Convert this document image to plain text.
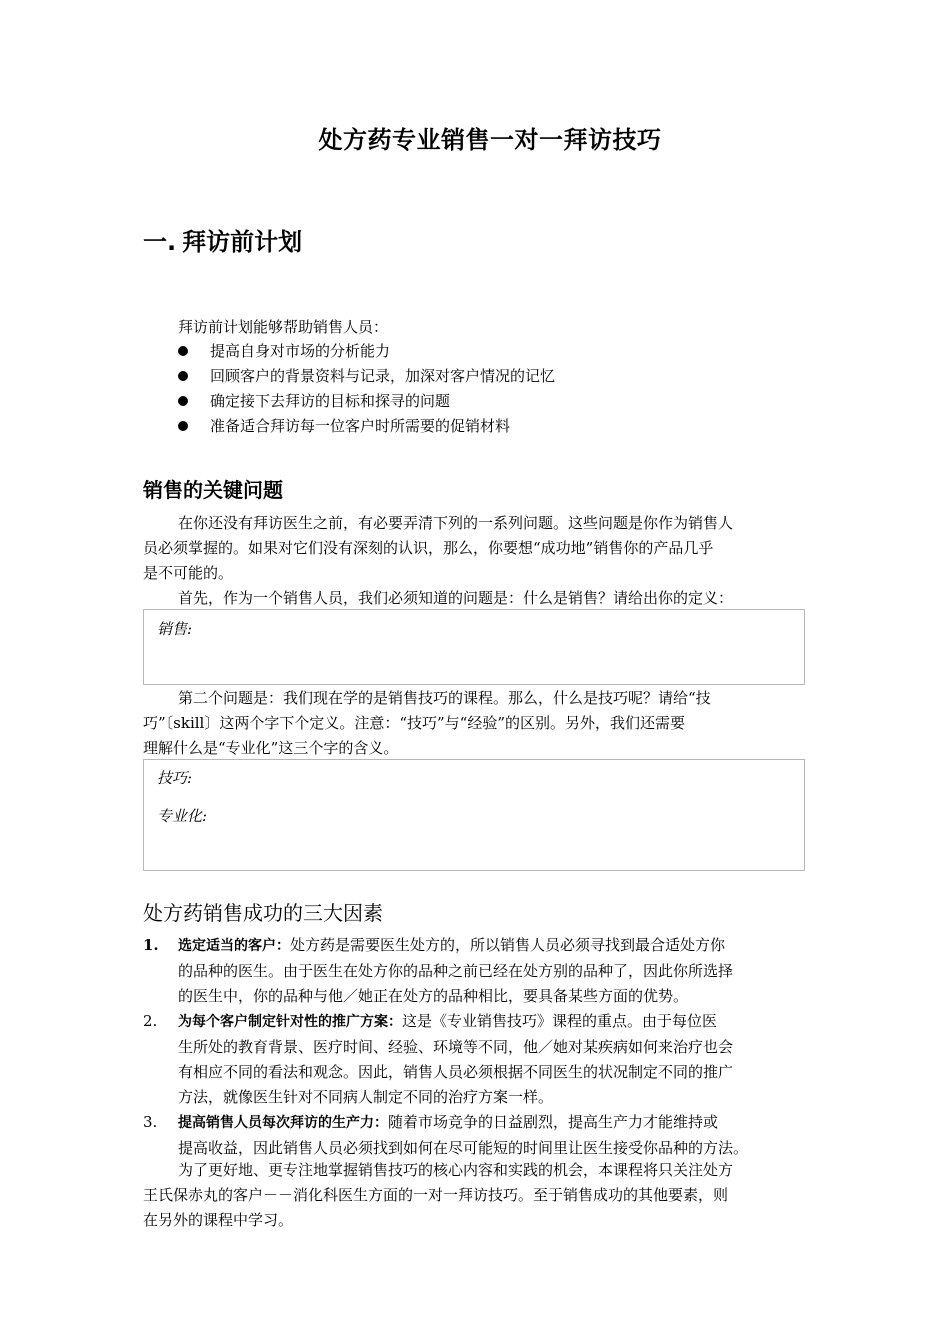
处方药专业销售一对一拜访技巧
一. 拜访前计划
拜访前计划能够帮助销售人员：
提高自身对市场的分析能力
回顾客户的背景资料与记录，加深对客户情况的记忆
确定接下去拜访的目标和探寻的问题
准备适合拜访每一位客户时所需要的促销材料
销售的关键问题
在你还没有拜访医生之前，有必要弄清下列的一系列问题。这些问题是你作为销售人
员必须掌握的。如果对它们没有深刻的认识，那么，你要想“成功地”销售你的产品几乎
是不可能的。
首先，作为一个销售人员，我们必须知道的问题是：什么是销售？请给出你的定义：
销售:
第二个问题是：我们现在学的是销售技巧的课程。那么，什么是技巧呢？请给“技
巧”〔skill〕这两个字下个定义。注意：“技巧”与“经验”的区别。另外，我们还需要
理解什么是“专业化”这三个字的含义。
技巧:
专业化:
处方药销售成功的三大因素
1. 选定适当的客户：处方药是需要医生处方的，所以销售人员必须寻找到最合适处方你
的品种的医生。由于医生在处方你的品种之前已经在处方别的品种了，因此你所选择
的医生中，你的品种与他／她正在处方的品种相比，要具备某些方面的优势。
2. 为每个客户制定针对性的推广方案：这是《专业销售技巧》课程的重点。由于每位医
生所处的教育背景、医疗时间、经验、环境等不同，他／她对某疾病如何来治疗也会
有相应不同的看法和观念。因此，销售人员必须根据不同医生的状况制定不同的推广
方法，就像医生针对不同病人制定不同的治疗方案一样。
3. 提高销售人员每次拜访的生产力：随着市场竞争的日益剧烈，提高生产力才能维持或
提高收益，因此销售人员必须找到如何在尽可能短的时间里让医生接受你品种的方法。
为了更好地、更专注地掌握销售技巧的核心内容和实践的机会，本课程将只关注处方
王氏保赤丸的客户－－消化科医生方面的一对一拜访技巧。至于销售成功的其他要素，则
在另外的课程中学习。
